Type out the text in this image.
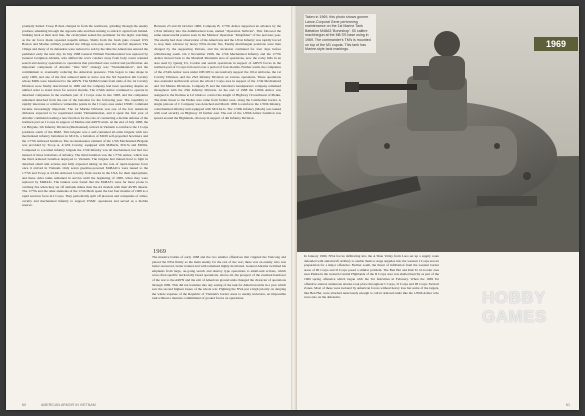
promptly halted. Troop B then charged in from the northwest, grinding through the enemy position, smashing through the opposite side and then turning to attack it again from behind. Striking back at their start line, the cavalrymen sealed the perimeter for the night, watching as the air force made repeated napalm strikes. Shells from the fresh guns crossed USS Boston and Marine artillery pounded the village non-stop once the aircraft departed. The village and many of its defenders were reduced to ash by the time the Americans entered the perimeter early the next day. In July 1968 General William Westmoreland was replaced by General Creighton Abrams, who shifted the war's conduct away from body count oriented search and destroy operations to operations that prioritized area control and pacification. An important component of Abrams' "One War" strategy was "Vietnamization", and the commitment to eventually reducing the American presence. This began to take shape in early 1969, and one of the first armored units to leave was the 3rd Squadron 4th Cavalry whose M48s were transferred to the ARVN. The M48A3 tanks from units of the 1st Cavalry Division were finally deactivated in 1969 and the company had been operating despite an unified order to stand down for several months. The 2/34th Armor continued to operate in detached companies in the southern part of I Corps zone in late 1968, and the companies remained detached from the rest of the battalion for the following year. The capability to rapidly intervene or reinforce vulnerable points in the I Corps area under USMC command became increasingly important. The 1st Marine Division was one of the few American divisions expected to be repatriated under Vietnamization, and it spent the first year of Abrams' command reading a new function for the role of conducting a mobile defense of the northern part on I Corps in support of Marine and ARVN units. At the end of July 1968, the 1st Brigade, 5th Infantry Division (Mechanized) arrived in Vietnam to reinforce the I Corps positions south of the DMZ. This brigade was a self-contained all-arms brigade with two mechanized infantry battalions in M113s, a battalion of M109 self-propelled howitzers and the 1/77th Armored battalion. The reconnaissance element of the 1/5th Mechanized Brigade was provided by Troop A, 4/12th Cavalry, equipped with M48A3s, M113s and M106s. Compared to a normal infantry brigade the 1/5th Infantry was all mechanized, but had two instead of three battalions of infantry. The third battalion was the 1/77th Armor, which was the third armored battalion deployed to Vietnam. The brigade had trained hard to fight in detached small unit actions and fully expected taking on the role of rapid-response force once it arrived in Vietnam. Only seven gasoline-powered M48A2Cs were issued to the 1/77th and Troop A 4/12th Armored Cavalry from stocks in the USA for their deployment, and these older tanks remained in service until the beginning of 1969, when they were replaced by M48A3s. The tankers soon found that the M48A3's were far more prone to catching fire when they set off antitank mines than the A2 models with their AVDS diesels. The 1/77th and the other elements of the 1/5th Mech spent the last four months of 1968 as a rapid reaction force in I Corps. They periodically split off platoons and companies of armor, cavalry and mechanized infantry to support USMC operations and served as a mobile reserve.

Between 23 and 26 October 1968, Company B, 1/77th Armor supported an advance by the 1/61st Infantry into the demilitarized zone, named "Operation Sullivan". This followed the same unsuccessful pattern seen in the Marines' Operation "Kingfisher" of the previous year. The enemy had clear observation of the Americans and the 1/61st Infantry was rapidly forced to stop their advance by heavy NVA mortar fire. Enemy machinegun positions were then charged by the supporting Pattons, and the incursion continued for four days before withdrawing south. On 2 November 1968, the 1/5th Mechanized Infantry and the 1/77th Armor moved back to the Marshall Mountain area of operations, now the rocky hills in an area used by Quang Tri, Cordon and search operations in support of ARVN forces in the northern part of I Corps followed over a period of four months. Further south, the companies of the 2/34th Armor were under OPCON to successively support the 101st Airborne, the 1st Cavalry Division, and the 23rd Infantry Division on various operations. These operations also extended northwards across the whole I Corps area in support of the 1/5th Mechanized and 3rd Marine Divisions. Company B and the battalion's headquarters company remained throughout with the 25th Infantry Division. At the end of 1968 the 1/69th Armor was assigned to the firebase at LZ Oasis to control the length of Highway 19 southwest of Pleiku. The main threat to the Pleiku area came from farther west, along the Cambodian border. A single platoon of C Company was detached and March 1969 to reinforce the 1/50th Infantry, a mechanized infantry unit equipped with M113A1s. The 1/50th Infantry (Mech) was tasked with road security on Highway 19 further east. The rest of the 1/69th Armor battalion was spread around the Highlands, often up in support of 4th Infantry Division.

1969

The massive battles of early 1968 and the two smaller offensives that crippled the Vietcong and placed the NVA firmly as the main enemy for the rest of the war; there was an enemy who was better resourced, better trained and with remained highly motivated. General Abrams switched his emphasis from large, on-going search and destroy type operations to small-unit actions, which were often specific territorially based operations. Above all, the prospect of the eventual handover of the war to the ARVN and the exit of American ground units changed the character of operations through 1969. This did not translate into any easing of the task for American units in a year which saw the second highest losses of the whole war. Fighting the NVA put a high priority on denying the whole expanse of the Republic of Vietnam's border areas to enemy incursion, an impossible task without a massive commitment of ground forces on operations.

Taken in 1969, this photo shows gunner Lance-Corporal Gene performing maintenance on the 1st Marine Tank Battalion M48A3 'Boneshop'. 50 calibre machinegun at the M8 SS base using in 1969. The commander's TM's is mounted on top of the M1 cupola. This tank has Marine-style tank markings.
1969

In January 1969, NVA forces infiltrating into the A Shau Valley from Laos set up a supply route defended with antiaircraft artillery to enable them to stage supplies into the western I Corps area in preparation for a major offensive. Further south, the threat of infiltration from the western border areas of III Corps and II Corps posed a similar problem. The Ben Het and Dak To tri-border area near Pleiku in the western Central Highlands of the II Corps area was shelled heavily as part of the 1969 spring offensive which began with the Tet festivities in February. When the 1969 Tet offensive started, numerous attacks took place throughout I Corps, II Corps and III Corps Tactical Zones. Most of these were isolated by American forces without heavy loss but some of the targets, like Ben Het, were attacked tenaciously enough to call in armored units like the 1/69th Armor who were also on the defensive.	HOBBY GAMES
60	AMERICAN ARMOR IN VIETNAM	61
